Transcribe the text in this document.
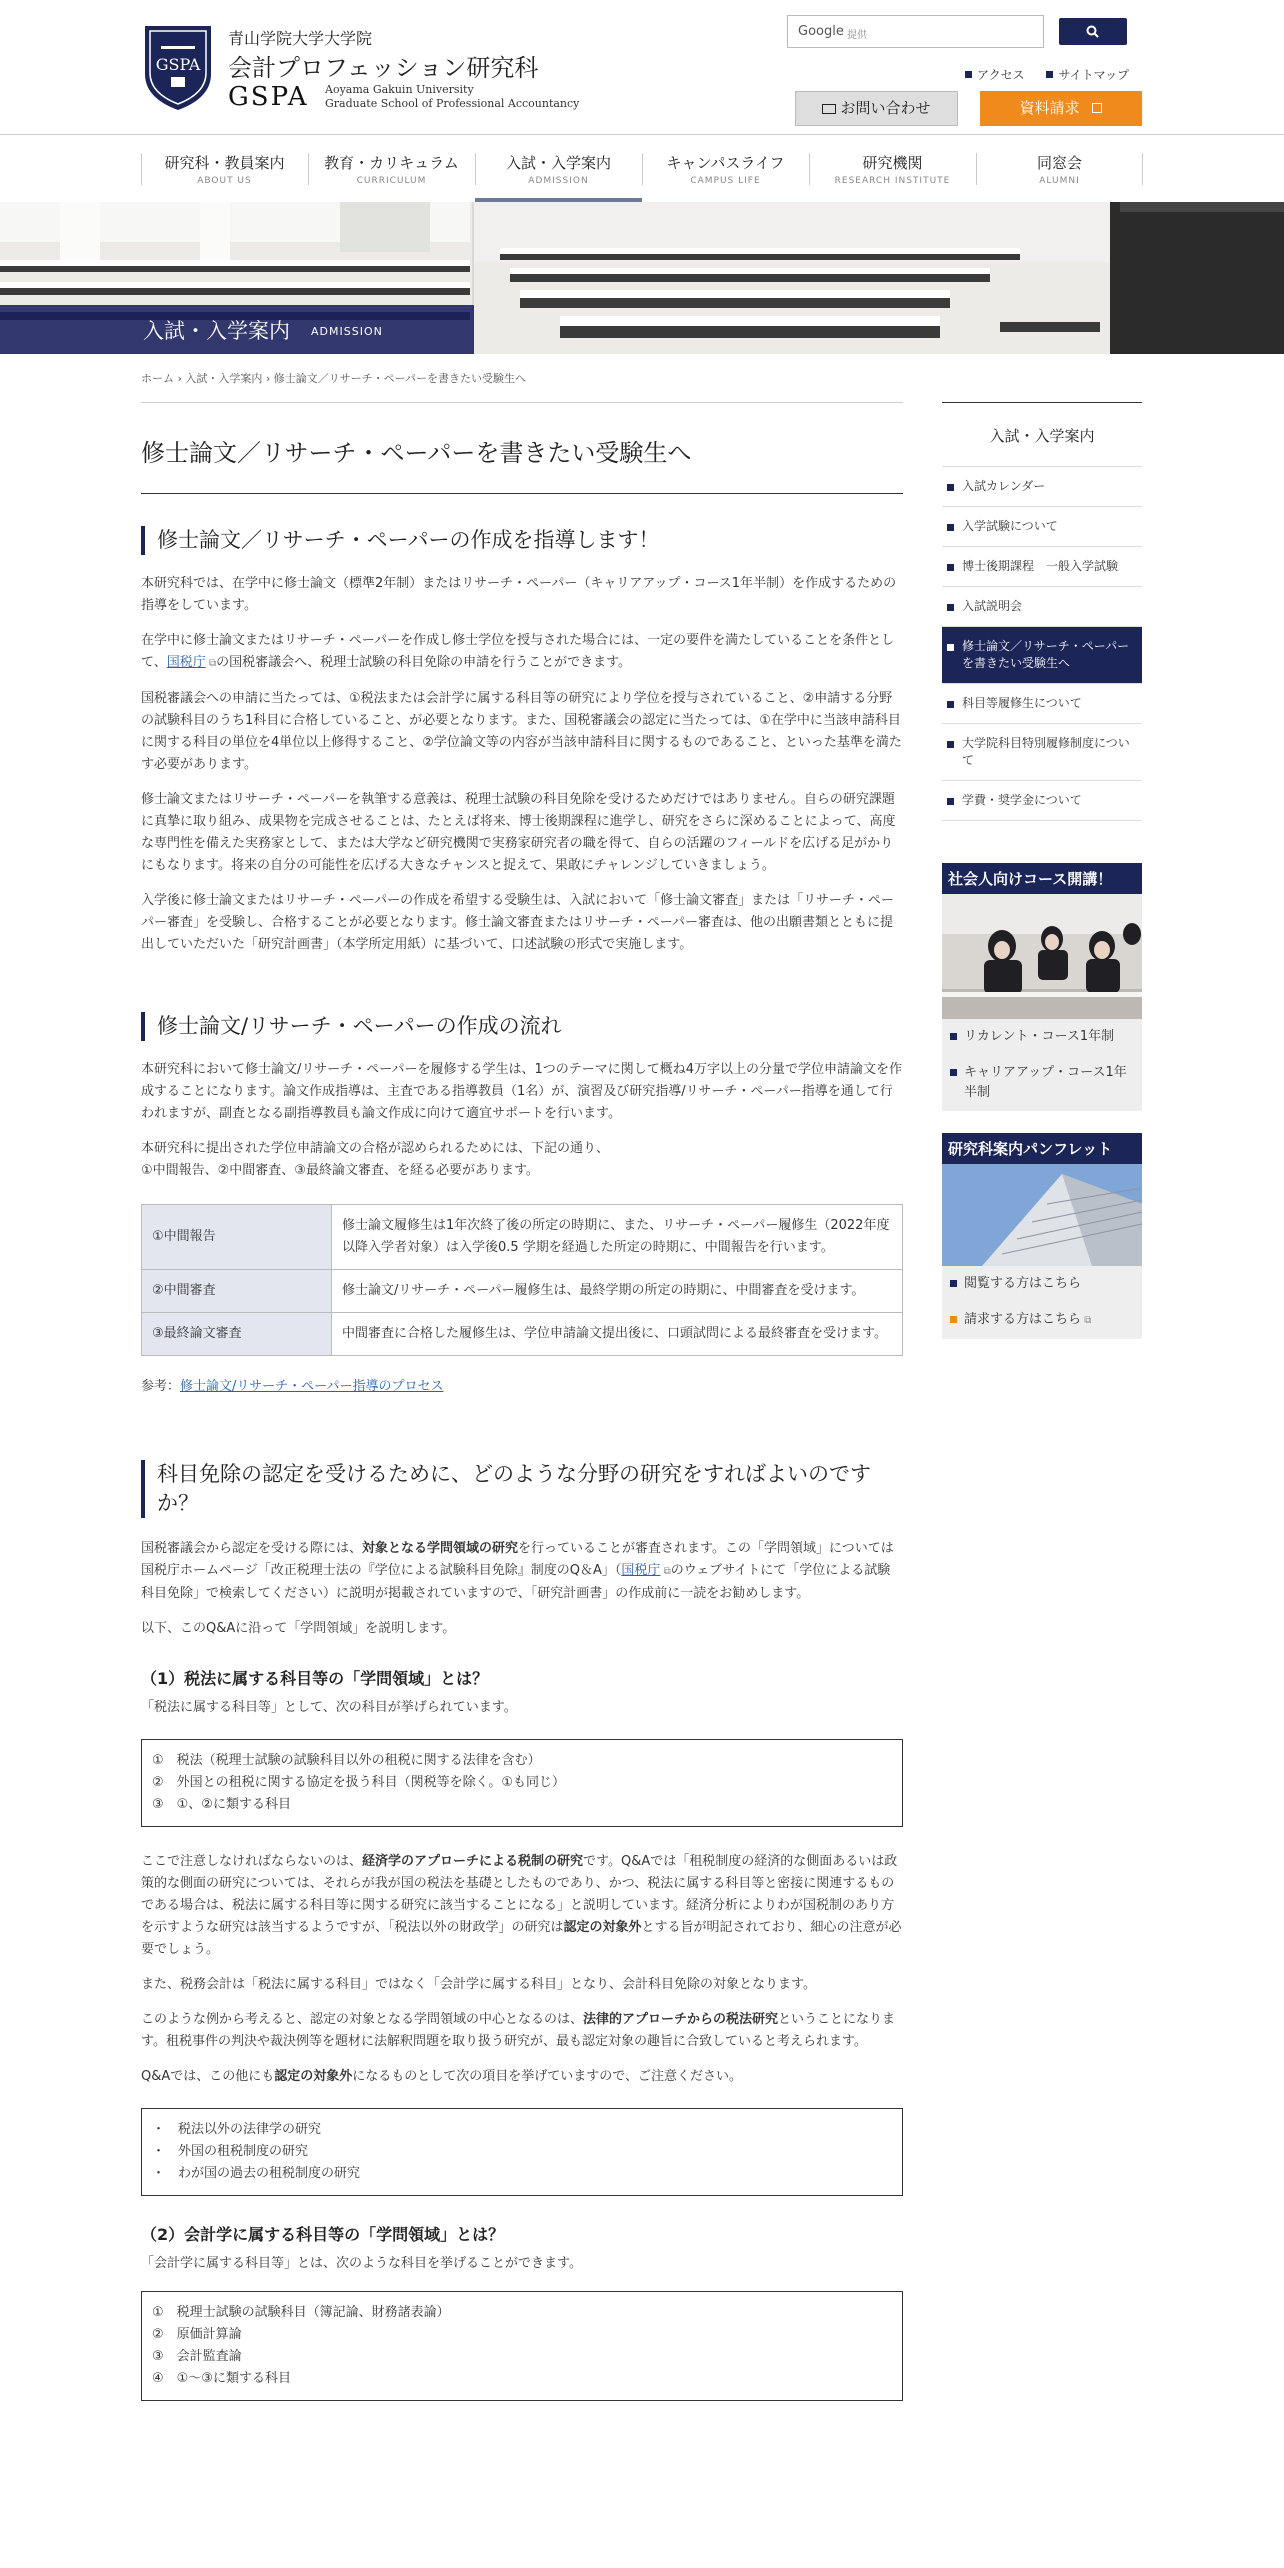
GSPA
青山学院大学大学院
会計プロフェッション研究科
GSPA Aoyama Gakuin University
Graduate School of Professional Accountancy
Google 提供
アクセス	サイトマップ
お問い合わせ	資料請求
研究科・教員案内
ABOUT US
教育・カリキュラム
CURRICULUM
入試・入学案内
ADMISSION
キャンパスライフ
CAMPUS LIFE
研究機関
RESEARCH INSTITUTE
同窓会
ALUMNI
入試・入学案内 ADMISSION
ホーム › 入試・入学案内 › 修士論文／リサーチ・ペーパーを書きたい受験生へ
修士論文／リサーチ・ペーパーを書きたい受験生へ
修士論文／リサーチ・ペーパーの作成を指導します！

本研究科では、在学中に修士論文（標準2年制）またはリサーチ・ペーパー（キャリアアップ・コース1年半制）を作成するための指導をしています。

在学中に修士論文またはリサーチ・ペーパーを作成し修士学位を授与された場合には、一定の要件を満たしていることを条件として、国税庁 ⧉の国税審議会へ、税理士試験の科目免除の申請を行うことができます。

国税審議会への申請に当たっては、①税法または会計学に属する科目等の研究により学位を授与されていること、②申請する分野の試験科目のうち1科目に合格していること、が必要となります。また、国税審議会の認定に当たっては、①在学中に当該申請科目に関する科目の単位を4単位以上修得すること、②学位論文等の内容が当該申請科目に関するものであること、といった基準を満たす必要があります。

修士論文またはリサーチ・ペーパーを執筆する意義は、税理士試験の科目免除を受けるためだけではありません。自らの研究課題に真摯に取り組み、成果物を完成させることは、たとえば将来、博士後期課程に進学し、研究をさらに深めることによって、高度な専門性を備えた実務家として、または大学など研究機関で実務家研究者の職を得て、自らの活躍のフィールドを広げる足がかりにもなります。将来の自分の可能性を広げる大きなチャンスと捉えて、果敢にチャレンジしていきましょう。

入学後に修士論文またはリサーチ・ペーパーの作成を希望する受験生は、入試において「修士論文審査」または「リサーチ・ペーパー審査」を受験し、合格することが必要となります。修士論文審査またはリサーチ・ペーパー審査は、他の出願書類とともに提出していただいた「研究計画書」（本学所定用紙）に基づいて、口述試験の形式で実施します。

修士論文/リサーチ・ペーパーの作成の流れ

本研究科において修士論文/リサーチ・ペーパーを履修する学生は、1つのテーマに関して概ね4万字以上の分量で学位申請論文を作成することになります。論文作成指導は、主査である指導教員（1名）が、演習及び研究指導/リサーチ・ペーパー指導を通して行われますが、副査となる副指導教員も論文作成に向けて適宜サポートを行います。

本研究科に提出された学位申請論文の合格が認められるためには、下記の通り、
①中間報告、②中間審査、③最終論文審査、を経る必要があります。

①中間報告	修士論文履修生は1年次終了後の所定の時期に、また、リサーチ・ペーパー履修生（2022年度以降入学者対象）は入学後0.5 学期を経過した所定の時期に、中間報告を行います。
②中間審査	修士論文/リサーチ・ペーパー履修生は、最終学期の所定の時期に、中間審査を受けます。
③最終論文審査	中間審査に合格した履修生は、学位申請論文提出後に、口頭試問による最終審査を受けます。

参考：修士論文/リサーチ・ペーパー指導のプロセス

科目免除の認定を受けるために、どのような分野の研究をすればよいのですか？

国税審議会から認定を受ける際には、対象となる学問領域の研究を行っていることが審査されます。この「学問領域」については国税庁ホームページ「改正税理士法の『学位による試験科目免除』制度のQ＆A」（国税庁 ⧉のウェブサイトにて「学位による試験科目免除」で検索してください）に説明が掲載されていますので、「研究計画書」の作成前に一読をお勧めします。

以下、このQ&Aに沿って「学問領域」を説明します。

（1）税法に属する科目等の「学問領域」とは？

「税法に属する科目等」として、次の科目が挙げられています。

①　税法（税理士試験の試験科目以外の租税に関する法律を含む）
②　外国との租税に関する協定を扱う科目（関税等を除く。①も同じ）
③　①、②に類する科目

ここで注意しなければならないのは、経済学のアプローチによる税制の研究です。Q&Aでは「租税制度の経済的な側面あるいは政策的な側面の研究については、それらが我が国の税法を基礎としたものであり、かつ、税法に属する科目等と密接に関連するものである場合は、税法に属する科目等に関する研究に該当することになる」と説明しています。経済分析によりわが国税制のあり方を示すような研究は該当するようですが、「税法以外の財政学」の研究は認定の対象外とする旨が明記されており、細心の注意が必要でしょう。

また、税務会計は「税法に属する科目」ではなく「会計学に属する科目」となり、会計科目免除の対象となります。

このような例から考えると、認定の対象となる学問領域の中心となるのは、法律的アプローチからの税法研究ということになります。租税事件の判決や裁決例等を題材に法解釈問題を取り扱う研究が、最も認定対象の趣旨に合致していると考えられます。

Q&Aでは、この他にも認定の対象外になるものとして次の項目を挙げていますので、ご注意ください。

・　税法以外の法律学の研究
・　外国の租税制度の研究
・　わが国の過去の租税制度の研究
（2）会計学に属する科目等の「学問領域」とは？

「会計学に属する科目等」とは、次のような科目を挙げることができます。

①　税理士試験の試験科目（簿記論、財務諸表論）
②　原価計算論
③　会計監査論
④　①～③に類する科目
入試・入学案内
入試カレンダー
入学試験について
博士後期課程　一般入学試験
入試説明会
修士論文／リサーチ・ペーパーを書きたい受験生へ
科目等履修生について
大学院科目特別履修制度について
学費・奨学金について
社会人向けコース開講！
リカレント・コース1年制
キャリアアップ・コース1年半制
研究科案内パンフレット
閲覧する方はこちら
請求する方はこちら ⧉
